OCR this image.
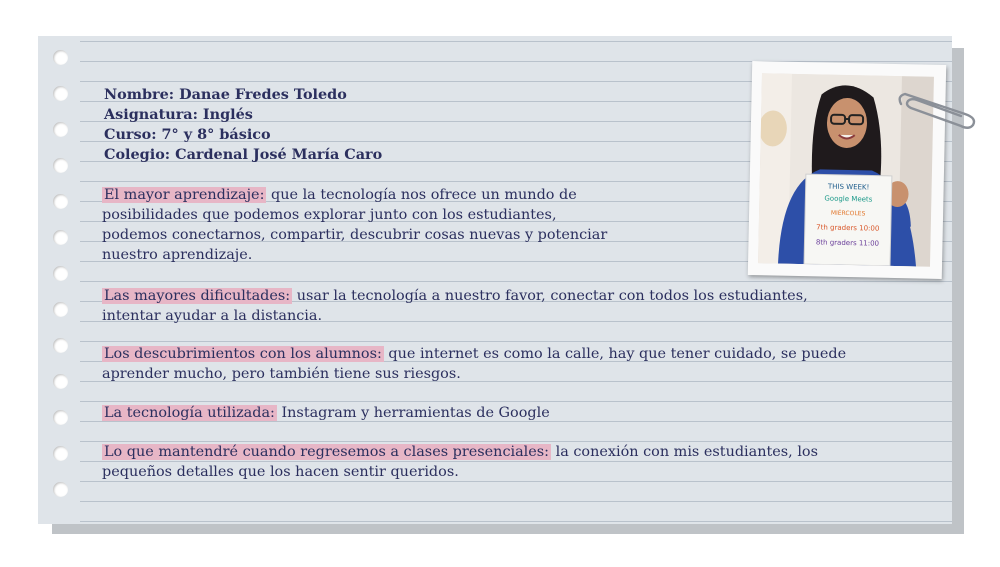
Nombre: Danae Fredes Toledo
Asignatura: Inglés
Curso: 7° y 8° básico
Colegio: Cardenal José María Caro
El mayor aprendizaje: que la tecnología nos ofrece un mundo de
posibilidades que podemos explorar junto con los estudiantes,
podemos conectarnos, compartir, descubrir cosas nuevas y potenciar
nuestro aprendizaje.
Las mayores dificultades: usar la tecnología a nuestro favor, conectar con todos los estudiantes,
intentar ayudar a la distancia.
Los descubrimientos con los alumnos: que internet es como la calle, hay que tener cuidado, se puede
aprender mucho, pero también tiene sus riesgos.
La tecnología utilizada: Instagram y herramientas de Google
Lo que mantendré cuando regresemos a clases presenciales: la conexión con mis estudiantes, los
pequeños detalles que los hacen sentir queridos.
THIS WEEK!
Google Meets
MIÉRCOLES
7th graders 10:00
8th graders 11:00
